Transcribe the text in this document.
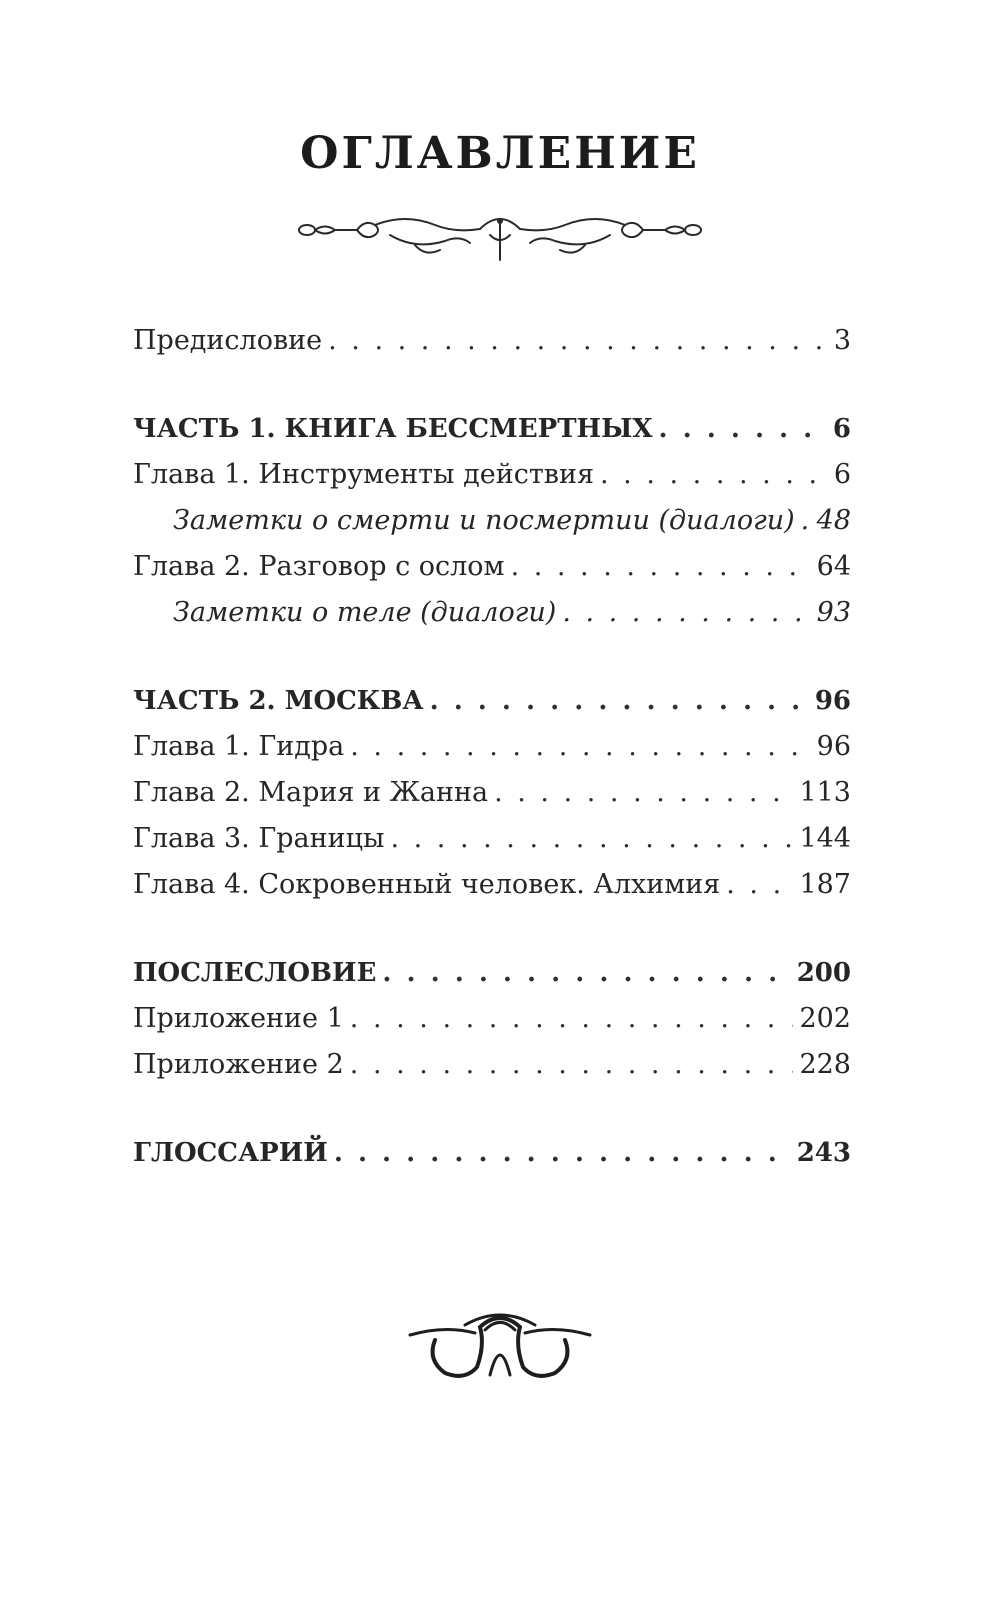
ОГЛАВЛЕНИЕ
Предисловие . . .	3
ЧАСТЬ 1. КНИГА БЕССМЕРТНЫХ . . .	6
Глава 1. Инструменты действия . . .	6
Заметки о смерти и посмертии (диалоги) . . . 48
Глава 2. Разговор с ослом . . .	64
Заметки о теле (диалоги) . . .	93
ЧАСТЬ 2. МОСКВА . . .	96
Глава 1. Гидра . . .	96
Глава 2. Мария и Жанна . . .	113
Глава 3. Границы . . .	144
Глава 4. Сокровенный человек. Алхимия . . .	187
ПОСЛЕСЛОВИЕ . . .	200
Приложение 1 . . .	202
Приложение 2 . . .	228
ГЛОССАРИЙ . . .	243
